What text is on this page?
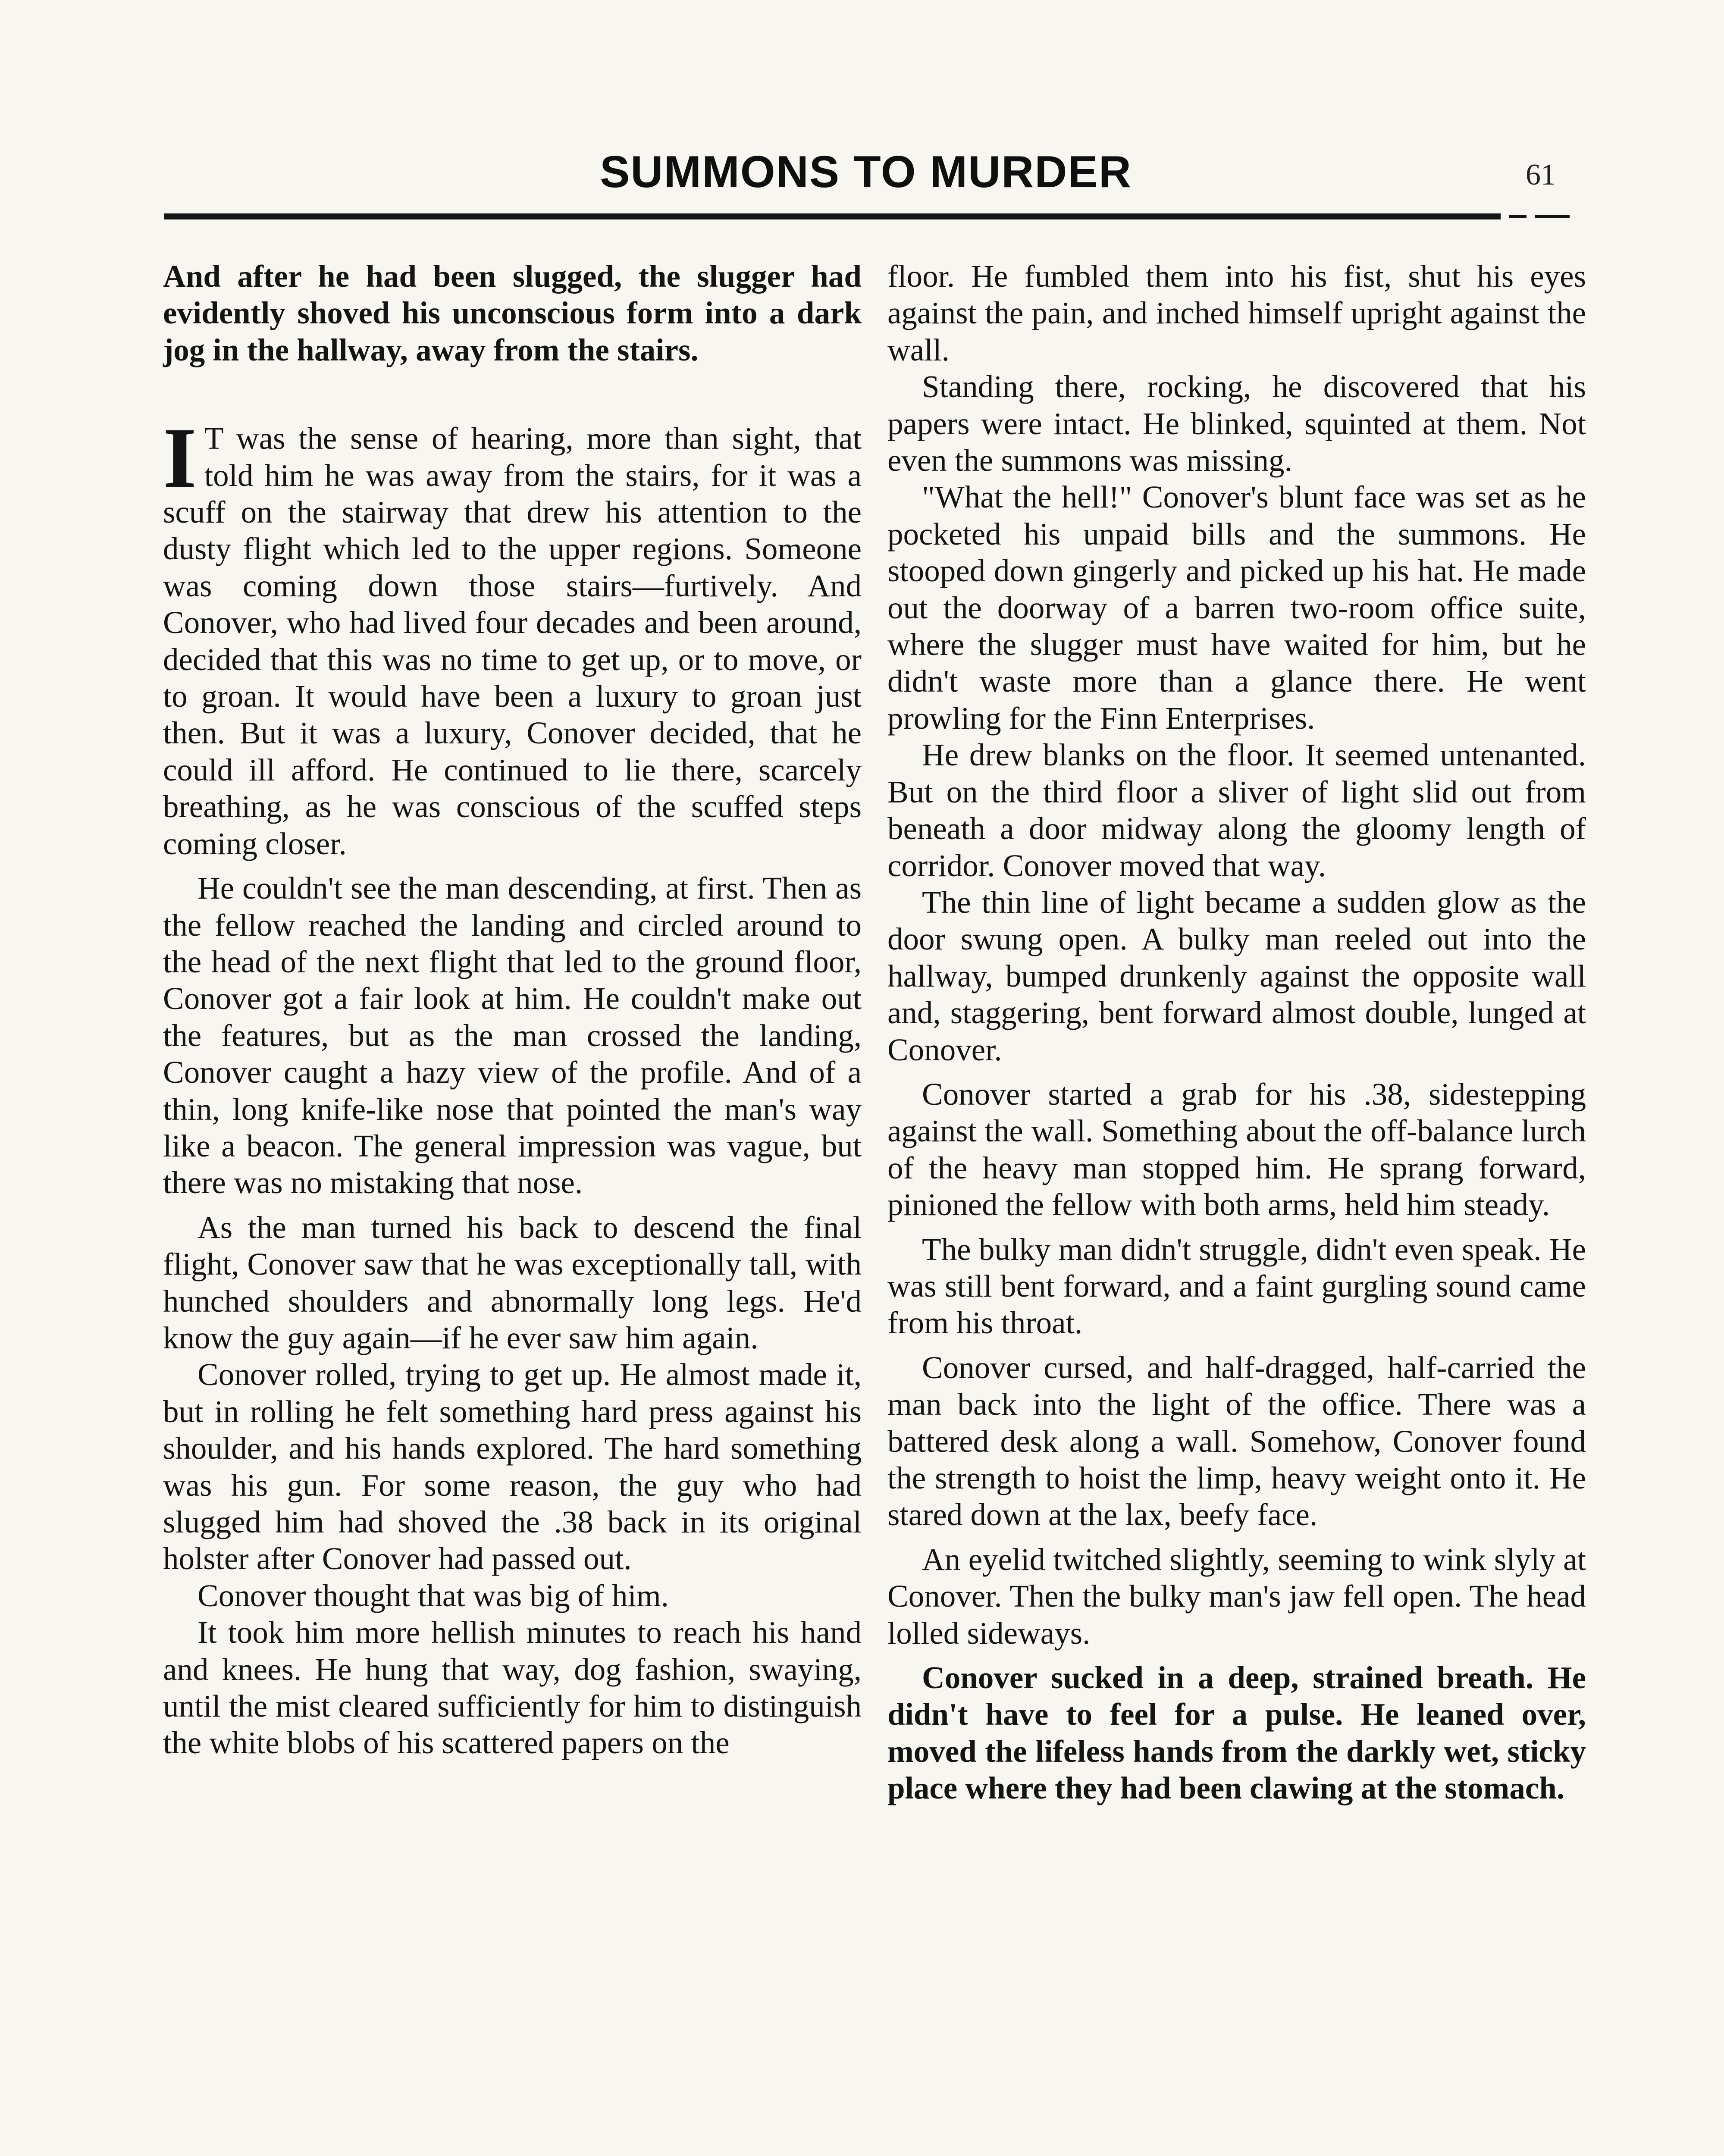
SUMMONS TO MURDER	61

And after he had been slugged, the slugger had evidently shoved his unconscious form into a dark jog in the hallway, away from the stairs.

I T was the sense of hearing, more than sight, that told him he was away from the stairs, for it was a scuff on the stairway that drew his attention to the dusty flight which led to the upper regions. Someone was coming down those stairs—furtively. And Conover, who had lived four decades and been around, decided that this was no time to get up, or to move, or to groan. It would have been a luxury to groan just then. But it was a luxury, Conover decided, that he could ill afford. He continued to lie there, scarcely breathing, as he was conscious of the scuffed steps coming closer.

He couldn't see the man descending, at first. Then as the fellow reached the landing and circled around to the head of the next flight that led to the ground floor, Conover got a fair look at him. He couldn't make out the features, but as the man crossed the landing, Conover caught a hazy view of the profile. And of a thin, long knife-like nose that pointed the man's way like a beacon. The general impression was vague, but there was no mistaking that nose.

As the man turned his back to descend the final flight, Conover saw that he was exceptionally tall, with hunched shoulders and abnormally long legs. He'd know the guy again—if he ever saw him again.

Conover rolled, trying to get up. He almost made it, but in rolling he felt something hard press against his shoulder, and his hands explored. The hard something was his gun. For some reason, the guy who had slugged him had shoved the .38 back in its original holster after Conover had passed out.

Conover thought that was big of him.

It took him more hellish minutes to reach his hand and knees. He hung that way, dog fashion, swaying, until the mist cleared sufficiently for him to distinguish the white blobs of his scattered papers on the

floor. He fumbled them into his fist, shut his eyes against the pain, and inched himself upright against the wall.

Standing there, rocking, he discovered that his papers were intact. He blinked, squinted at them. Not even the summons was missing.

"What the hell!" Conover's blunt face was set as he pocketed his unpaid bills and the summons. He stooped down gingerly and picked up his hat. He made out the doorway of a barren two-room office suite, where the slugger must have waited for him, but he didn't waste more than a glance there. He went prowling for the Finn Enterprises.

He drew blanks on the floor. It seemed untenanted. But on the third floor a sliver of light slid out from beneath a door midway along the gloomy length of corridor. Conover moved that way.

The thin line of light became a sudden glow as the door swung open. A bulky man reeled out into the hallway, bumped drunkenly against the opposite wall and, staggering, bent forward almost double, lunged at Conover.

Conover started a grab for his .38, sidestepping against the wall. Something about the off-balance lurch of the heavy man stopped him. He sprang forward, pinioned the fellow with both arms, held him steady.

The bulky man didn't struggle, didn't even speak. He was still bent forward, and a faint gurgling sound came from his throat.

Conover cursed, and half-dragged, half-carried the man back into the light of the office. There was a battered desk along a wall. Somehow, Conover found the strength to hoist the limp, heavy weight onto it. He stared down at the lax, beefy face.

An eyelid twitched slightly, seeming to wink slyly at Conover. Then the bulky man's jaw fell open. The head lolled sideways.

Conover sucked in a deep, strained breath. He didn't have to feel for a pulse. He leaned over, moved the lifeless hands from the darkly wet, sticky place where they had been clawing at the stomach.
